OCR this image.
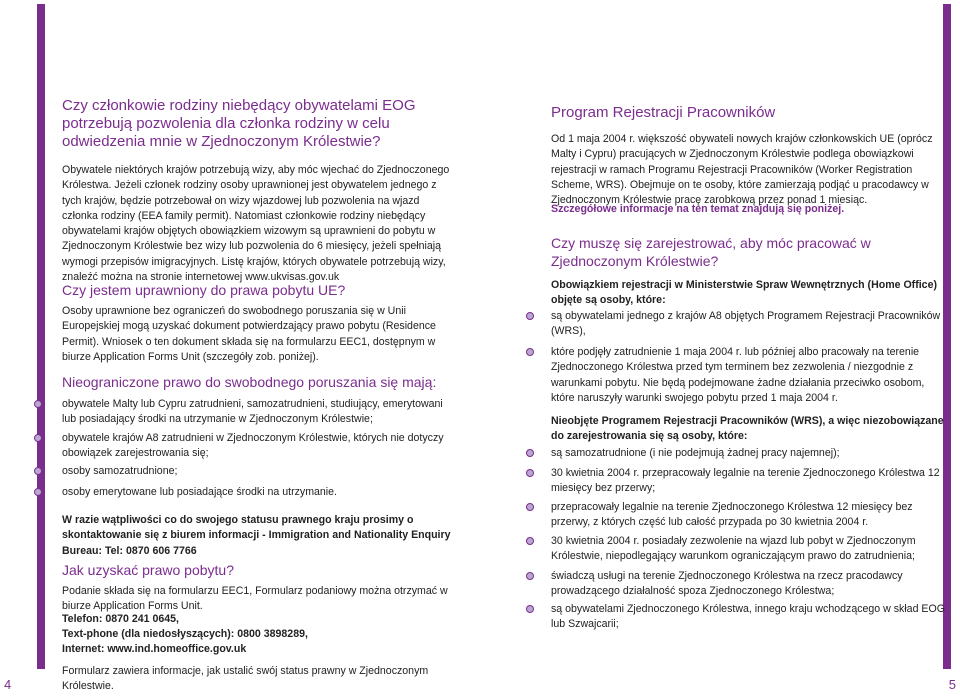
4	5
Czy członkowie rodziny niebędący obywatelami EOG potrzebują pozwolenia dla członka rodziny w celu odwiedzenia mnie w Zjednoczonym Królestwie?

Obywatele niektórych krajów potrzebują wizy, aby móc wjechać do Zjednoczonego Królestwa. Jeżeli członek rodziny osoby uprawnionej jest obywatelem jednego z tych krajów, będzie potrzebował on wizy wjazdowej lub pozwolenia na wjazd członka rodziny (EEA family permit). Natomiast członkowie rodziny niebędący obywatelami krajów objętych obowiązkiem wizowym są uprawnieni do pobytu w Zjednoczonym Królestwie bez wizy lub pozwolenia do 6 miesięcy, jeżeli spełniają wymogi przepisów imigracyjnych. Listę krajów, których obywatele potrzebują wizy, znaleźć można na stronie internetowej www.ukvisas.gov.uk

Czy jestem uprawniony do prawa pobytu UE?

Osoby uprawnione bez ograniczeń do swobodnego poruszania się w Unii Europejskiej mogą uzyskać dokument potwierdzający prawo pobytu (Residence Permit). Wniosek o ten dokument składa się na formularzu EEC1, dostępnym w biurze Application Forms Unit (szczegóły zob. poniżej).

Nieograniczone prawo do swobodnego poruszania się mają:
obywatele Malty lub Cypru zatrudnieni, samozatrudnieni, studiujący, emerytowani lub posiadający środki na utrzymanie w Zjednoczonym Królestwie;
obywatele krajów A8 zatrudnieni w Zjednoczonym Królestwie, których nie dotyczy obowiązek zarejestrowania się;
osoby samozatrudnione;
osoby emerytowane lub posiadające środki na utrzymanie.

W razie wątpliwości co do swojego statusu prawnego kraju prosimy o skontaktowanie się z biurem informacji - Immigration and Nationality Enquiry Bureau: Tel: 0870 606 7766

Jak uzyskać prawo pobytu?

Podanie składa się na formularzu EEC1, Formularz podaniowy można otrzymać w biurze Application Forms Unit.

Telefon: 0870 241 0645,

Text-phone (dla niedosłyszących): 0800 3898289,

Internet: www.ind.homeoffice.gov.uk

Formularz zawiera informacje, jak ustalić swój status prawny w Zjednoczonym Królestwie.

Program Rejestracji Pracowników

Od 1 maja 2004 r. większość obywateli nowych krajów członkowskich UE (oprócz Malty i Cypru) pracujących w Zjednoczonym Królestwie podlega obowiązkowi rejestracji w ramach Programu Rejestracji Pracowników (Worker Registration Scheme, WRS). Obejmuje on te osoby, które zamierzają podjąć u pracodawcy w Zjednoczonym Królestwie pracę zarobkową przez ponad 1 miesiąc.

Szczegółowe informacje na ten temat znajdują się poniżej.

Czy muszę się zarejestrować, aby móc pracować w Zjednoczonym Królestwie?

Obowiązkiem rejestracji w Ministerstwie Spraw Wewnętrznych (Home Office) objęte są osoby, które:

są obywatelami jednego z krajów A8 objętych Programem Rejestracji Pracowników (WRS),
które podjęły zatrudnienie 1 maja 2004 r. lub później albo pracowały na terenie Zjednoczonego Królestwa przed tym terminem bez zezwolenia / niezgodnie z warunkami pobytu. Nie będą podejmowane żadne działania przeciwko osobom, które naruszyły warunki swojego pobytu przed 1 maja 2004 r.

Nieobjęte Programem Rejestracji Pracowników (WRS), a więc niezobowiązane do zarejestrowania się są osoby, które:

są samozatrudnione (i nie podejmują żadnej pracy najemnej);
30 kwietnia 2004 r. przepracowały legalnie na terenie Zjednoczonego Królestwa 12 miesięcy bez przerwy;
przepracowały legalnie na terenie Zjednoczonego Królestwa 12 miesięcy bez przerwy, z których część lub całość przypada po 30 kwietnia 2004 r.
30 kwietnia 2004 r. posiadały zezwolenie na wjazd lub pobyt w Zjednoczonym Królestwie, niepodlegający warunkom ograniczającym prawo do zatrudnienia;
świadczą usługi na terenie Zjednoczonego Królestwa na rzecz pracodawcy prowadzącego działalność spoza Zjednoczonego Królestwa;
są obywatelami Zjednoczonego Królestwa, innego kraju wchodzącego w skład EOG lub Szwajcarii;
